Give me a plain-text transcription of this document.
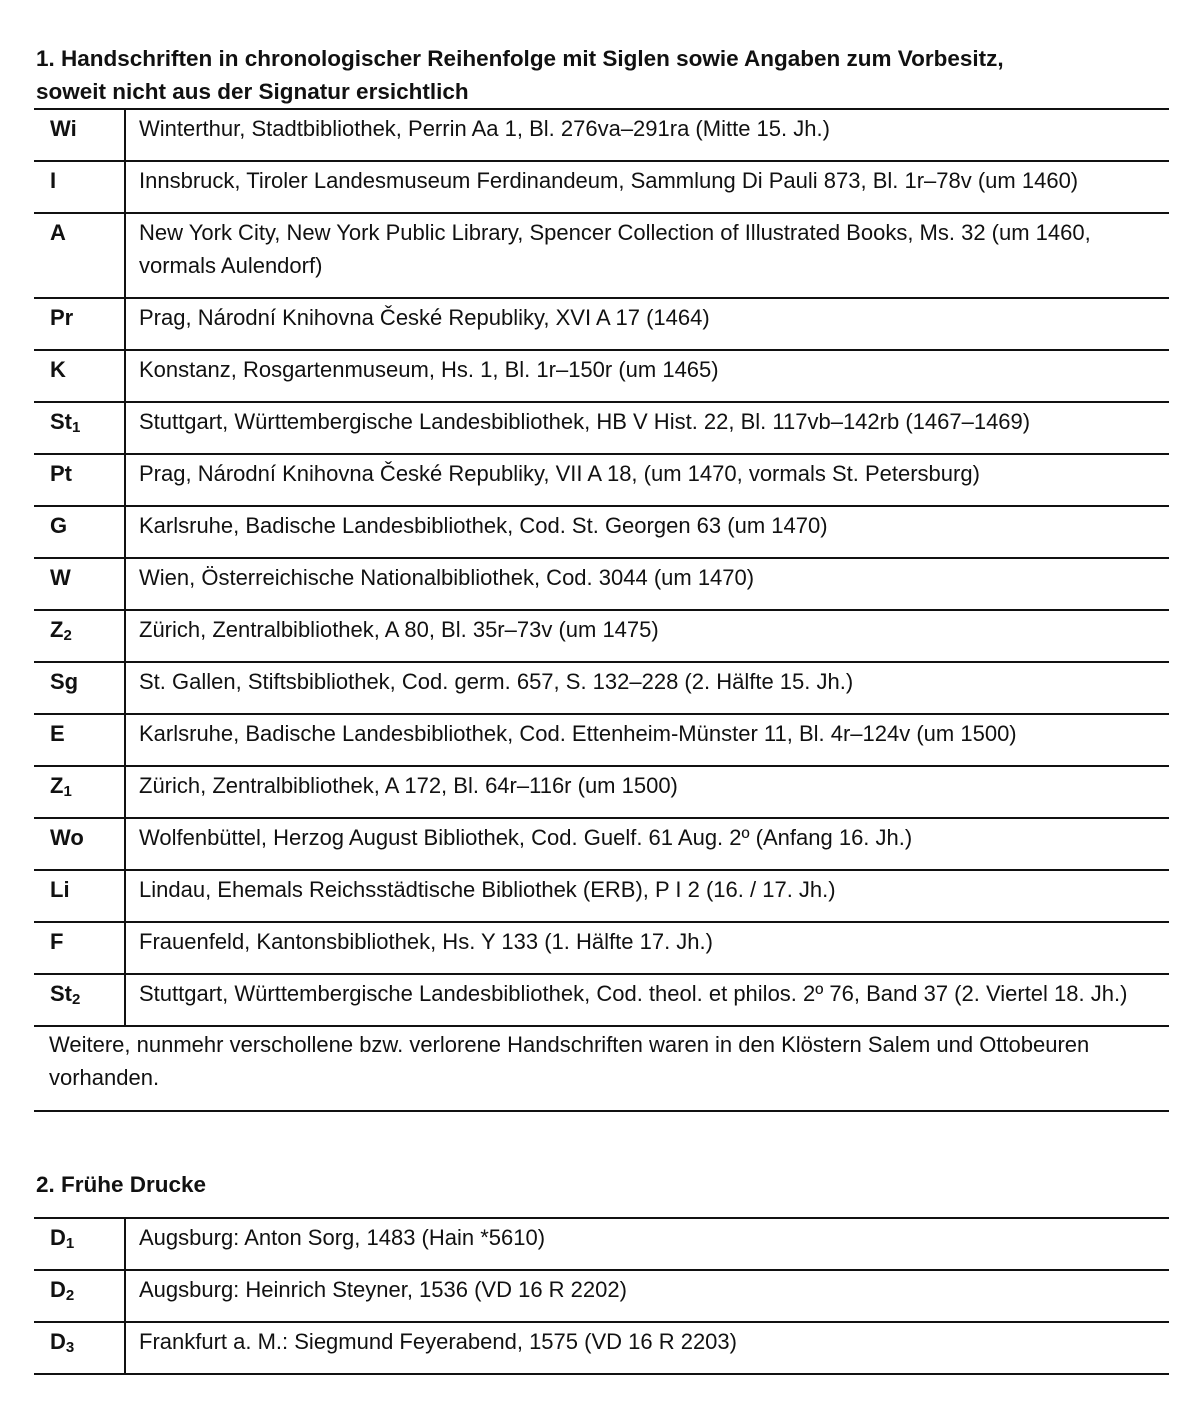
1. Handschriften in chronologischer Reihenfolge mit Siglen sowie Angaben zum Vorbesitz,
soweit nicht aus der Signatur ersichtlich
Wi	Winterthur, Stadtbibliothek, Perrin Aa 1, Bl. 276va–291ra (Mitte 15. Jh.)
I	Innsbruck, Tiroler Landesmuseum Ferdinandeum, Sammlung Di Pauli 873, Bl. 1r–78v (um 1460)
A	New York City, New York Public Library, Spencer Collection of Illustrated Books, Ms. 32 (um 1460, vormals Aulendorf)
Pr	Prag, Národní Knihovna České Republiky, XVI A 17 (1464)
K	Konstanz, Rosgartenmuseum, Hs. 1, Bl. 1r–150r (um 1465)
$St_1$	Stuttgart, Württembergische Landesbibliothek, HB V Hist. 22, Bl. 117vb–142rb (1467–1469)
Pt	Prag, Národní Knihovna České Republiky, VII A 18, (um 1470, vormals St. Petersburg)
G	Karlsruhe, Badische Landesbibliothek, Cod. St. Georgen 63 (um 1470)
W	Wien, Österreichische Nationalbibliothek, Cod. 3044 (um 1470)
$Z_2$	Zürich, Zentralbibliothek, A 80, Bl. 35r–73v (um 1475)
Sg	St. Gallen, Stiftsbibliothek, Cod. germ. 657, S. 132–228 (2. Hälfte 15. Jh.)
E	Karlsruhe, Badische Landesbibliothek, Cod. Ettenheim-Münster 11, Bl. 4r–124v (um 1500)
$Z_1$	Zürich, Zentralbibliothek, A 172, Bl. 64r–116r (um 1500)
Wo	Wolfenbüttel, Herzog August Bibliothek, Cod. Guelf. 61 Aug. 2º (Anfang 16. Jh.)
Li	Lindau, Ehemals Reichsstädtische Bibliothek (ERB), P I 2 (16. / 17. Jh.)
F	Frauenfeld, Kantonsbibliothek, Hs. Y 133 (1. Hälfte 17. Jh.)
$St_2$	Stuttgart, Württembergische Landesbibliothek, Cod. theol. et philos. 2º 76, Band 37 (2. Viertel 18. Jh.)
Weitere, nunmehr verschollene bzw. verlorene Handschriften waren in den Klöstern Salem und Ottobeuren vorhanden.	
2. Frühe Drucke
$D_1$	Augsburg: Anton Sorg, 1483 (Hain *5610)
$D_2$	Augsburg: Heinrich Steyner, 1536 (VD 16 R 2202)
$D_3$	Frankfurt a. M.: Siegmund Feyerabend, 1575 (VD 16 R 2203)
